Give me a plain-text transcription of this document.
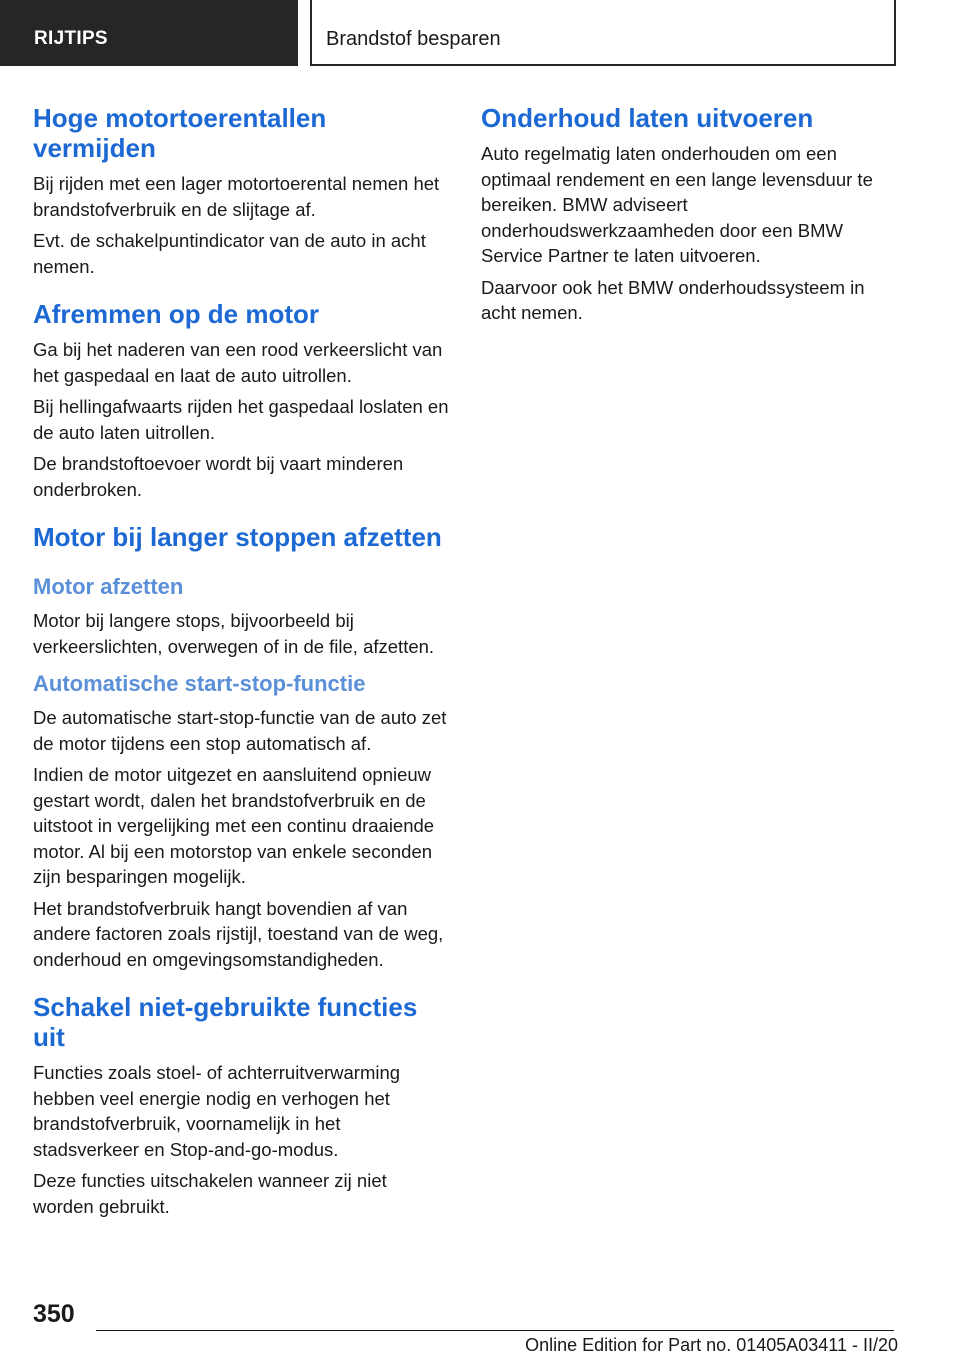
RIJTIPS	Brandstof besparen
Hoge motortoerentallen vermijden

Bij rijden met een lager motortoerental nemen het brandstofverbruik en de slijtage af.

Evt. de schakelpuntindicator van de auto in acht nemen.

Afremmen op de motor

Ga bij het naderen van een rood verkeerslicht van het gaspedaal en laat de auto uitrollen.

Bij hellingafwaarts rijden het gaspedaal loslaten en de auto laten uitrollen.

De brandstoftoevoer wordt bij vaart minderen onderbroken.

Motor bij langer stoppen afzetten
Motor afzetten

Motor bij langere stops, bijvoorbeeld bij verkeerslichten, overwegen of in de file, afzetten.

Automatische start-stop-functie

De automatische start-stop-functie van de auto zet de motor tijdens een stop automatisch af.

Indien de motor uitgezet en aansluitend opnieuw gestart wordt, dalen het brandstofverbruik en de uitstoot in vergelijking met een continu draaiende motor. Al bij een motorstop van enkele seconden zijn besparingen mogelijk.

Het brandstofverbruik hangt bovendien af van andere factoren zoals rijstijl, toestand van de weg, onderhoud en omgevingsomstandigheden.

Schakel niet-gebruikte functies uit

Functies zoals stoel- of achterruitverwarming hebben veel energie nodig en verhogen het brandstofverbruik, voornamelijk in het stadsverkeer en Stop-and-go-modus.

Deze functies uitschakelen wanneer zij niet worden gebruikt.

Onderhoud laten uitvoeren

Auto regelmatig laten onderhouden om een optimaal rendement en een lange levensduur te bereiken. BMW adviseert onderhoudswerkzaamheden door een BMW Service Partner te laten uitvoeren.

Daarvoor ook het BMW onderhoudssysteem in acht nemen.

350
Online Edition for Part no. 01405A03411 - II/20
